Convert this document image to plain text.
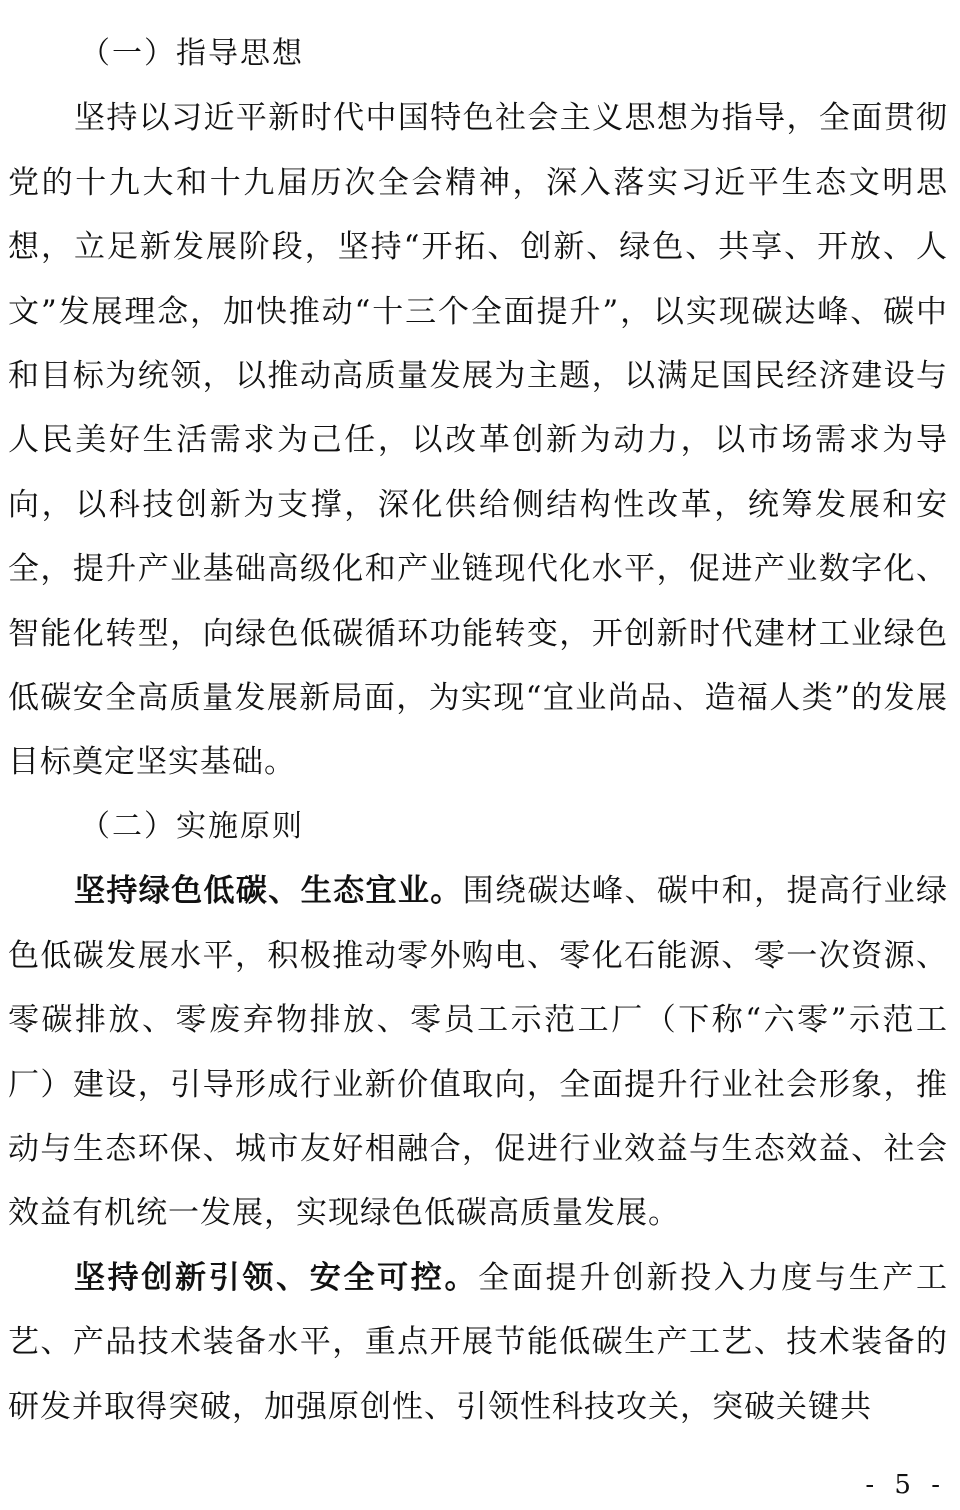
（一）指导思想

坚持以习近平新时代中国特色社会主义思想为指导，全面贯彻党的十九大和十九届历次全会精神，深入落实习近平生态文明思想，立足新发展阶段，坚持“开拓、创新、绿色、共享、开放、人文”发展理念，加快推动“十三个全面提升”，以实现碳达峰、碳中和目标为统领，以推动高质量发展为主题，以满足国民经济建设与人民美好生活需求为己任，以改革创新为动力，以市场需求为导向，以科技创新为支撑，深化供给侧结构性改革，统筹发展和安全，提升产业基础高级化和产业链现代化水平，促进产业数字化、智能化转型，向绿色低碳循环功能转变，开创新时代建材工业绿色低碳安全高质量发展新局面，为实现“宜业尚品、造福人类”的发展目标奠定坚实基础。

（二）实施原则

坚持绿色低碳、生态宜业。围绕碳达峰、碳中和，提高行业绿色低碳发展水平，积极推动零外购电、零化石能源、零一次资源、零碳排放、零废弃物排放、零员工示范工厂（下称“六零”示范工厂）建设，引导形成行业新价值取向，全面提升行业社会形象，推动与生态环保、城市友好相融合，促进行业效益与生态效益、社会效益有机统一发展，实现绿色低碳高质量发展。

坚持创新引领、安全可控。全面提升创新投入力度与生产工艺、产品技术装备水平，重点开展节能低碳生产工艺、技术装备的研发并取得突破，加强原创性、引领性科技攻关，突破关键共

- 5 -
